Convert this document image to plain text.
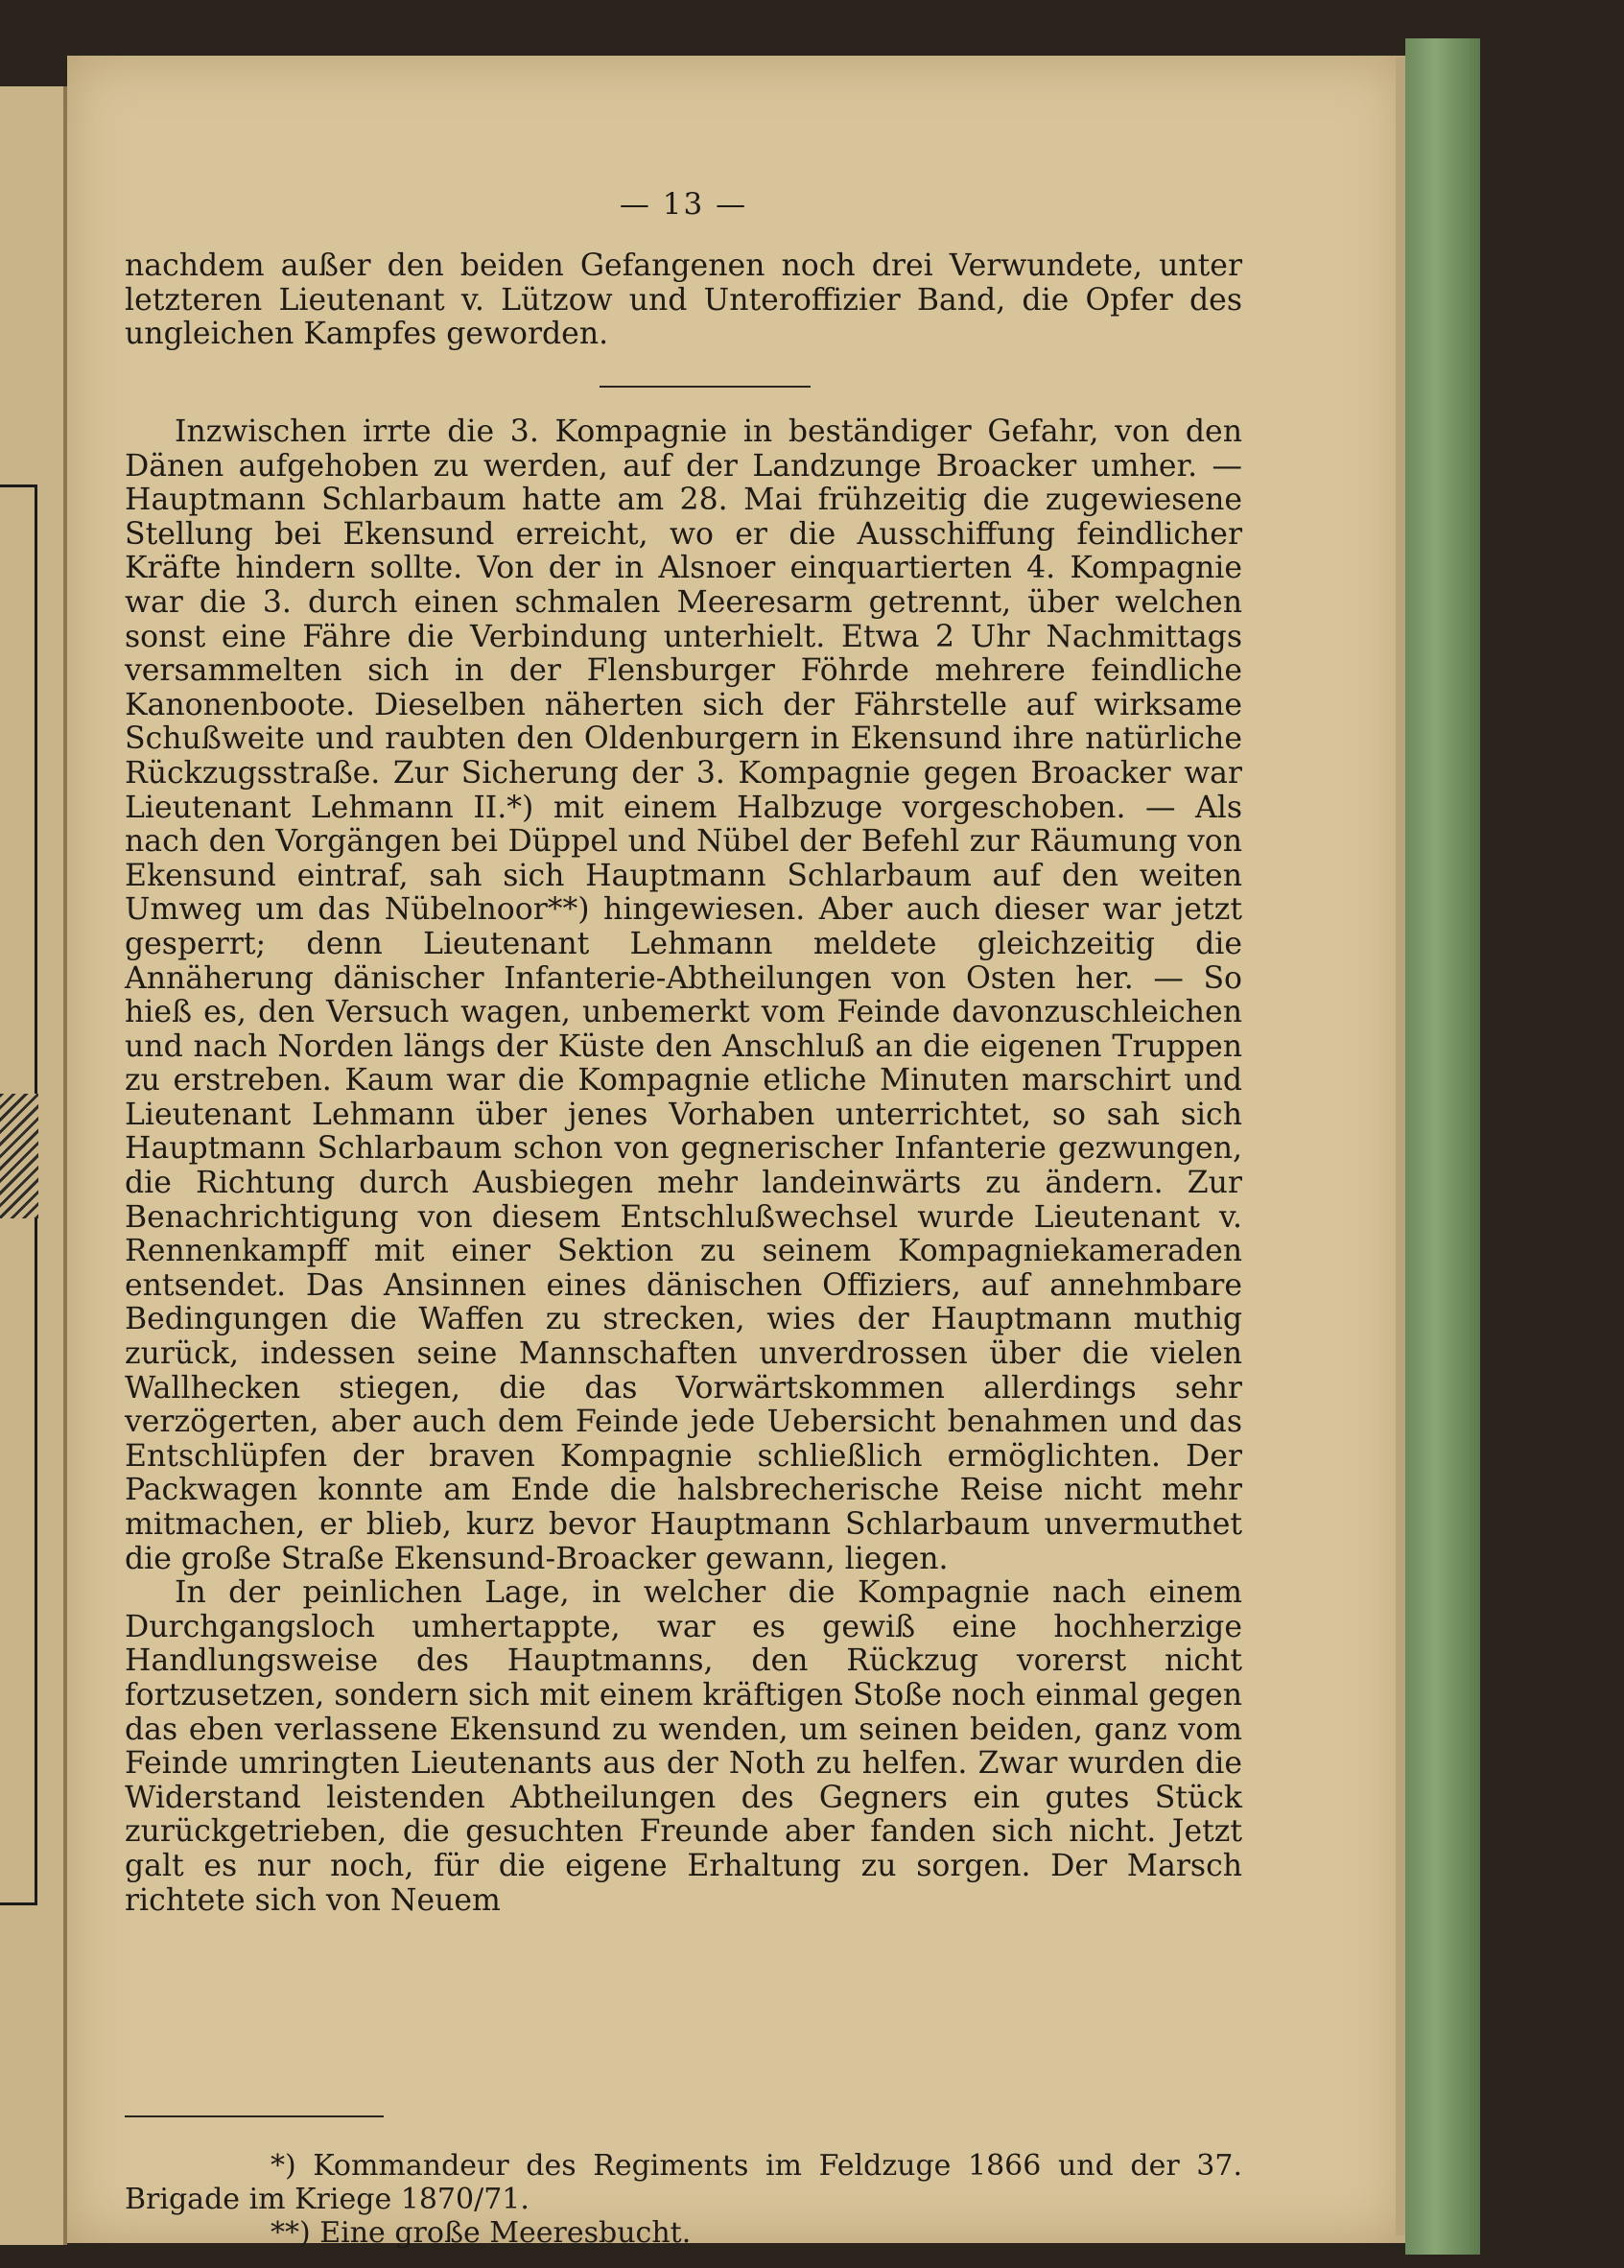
— 13 —

nachdem außer den beiden Gefangenen noch drei Verwundete, unter letzteren Lieutenant v. Lützow und Unteroffizier Band, die Opfer des ungleichen Kampfes geworden.

Inzwischen irrte die 3. Kompagnie in beständiger Gefahr, von den Dänen aufgehoben zu werden, auf der Landzunge Broacker umher. — Hauptmann Schlarbaum hatte am 28. Mai frühzeitig die zugewiesene Stellung bei Ekensund erreicht, wo er die Ausschiffung feindlicher Kräfte hindern sollte. Von der in Alsnoer einquartierten 4. Kompagnie war die 3. durch einen schmalen Meeresarm getrennt, über welchen sonst eine Fähre die Verbindung unterhielt. Etwa 2 Uhr Nachmittags versammelten sich in der Flensburger Föhrde mehrere feindliche Kanonenboote. Dieselben näherten sich der Fährstelle auf wirksame Schußweite und raubten den Oldenburgern in Ekensund ihre natürliche Rückzugsstraße. Zur Sicherung der 3. Kompagnie gegen Broacker war Lieutenant Lehmann II.*) mit einem Halbzuge vorgeschoben. — Als nach den Vorgängen bei Düppel und Nübel der Befehl zur Räumung von Ekensund eintraf, sah sich Hauptmann Schlarbaum auf den weiten Umweg um das Nübelnoor**) hingewiesen. Aber auch dieser war jetzt gesperrt; denn Lieutenant Lehmann meldete gleichzeitig die Annäherung dänischer Infanterie-Abtheilungen von Osten her. — So hieß es, den Versuch wagen, unbemerkt vom Feinde davonzuschleichen und nach Norden längs der Küste den Anschluß an die eigenen Truppen zu erstreben. Kaum war die Kompagnie etliche Minuten marschirt und Lieutenant Lehmann über jenes Vorhaben unterrichtet, so sah sich Hauptmann Schlarbaum schon von gegnerischer Infanterie gezwungen, die Richtung durch Ausbiegen mehr landeinwärts zu ändern. Zur Benachrichtigung von diesem Entschlußwechsel wurde Lieutenant v. Rennenkampff mit einer Sektion zu seinem Kompagniekameraden entsendet. Das Ansinnen eines dänischen Offiziers, auf annehmbare Bedingungen die Waffen zu strecken, wies der Hauptmann muthig zurück, indessen seine Mannschaften unverdrossen über die vielen Wallhecken stiegen, die das Vorwärtskommen allerdings sehr verzögerten, aber auch dem Feinde jede Uebersicht benahmen und das Entschlüpfen der braven Kompagnie schließlich ermöglichten. Der Packwagen konnte am Ende die halsbrecherische Reise nicht mehr mitmachen, er blieb, kurz bevor Hauptmann Schlarbaum unvermuthet die große Straße Ekensund-Broacker gewann, liegen.

In der peinlichen Lage, in welcher die Kompagnie nach einem Durchgangsloch umhertappte, war es gewiß eine hochherzige Handlungsweise des Hauptmanns, den Rückzug vorerst nicht fortzusetzen, sondern sich mit einem kräftigen Stoße noch einmal gegen das eben verlassene Ekensund zu wenden, um seinen beiden, ganz vom Feinde umringten Lieutenants aus der Noth zu helfen. Zwar wurden die Widerstand leistenden Abtheilungen des Gegners ein gutes Stück zurückgetrieben, die gesuchten Freunde aber fanden sich nicht. Jetzt galt es nur noch, für die eigene Erhaltung zu sorgen. Der Marsch richtete sich von Neuem

*) Kommandeur des Regiments im Feldzuge 1866 und der 37. Brigade im Kriege 1870/71.

**) Eine große Meeresbucht.
